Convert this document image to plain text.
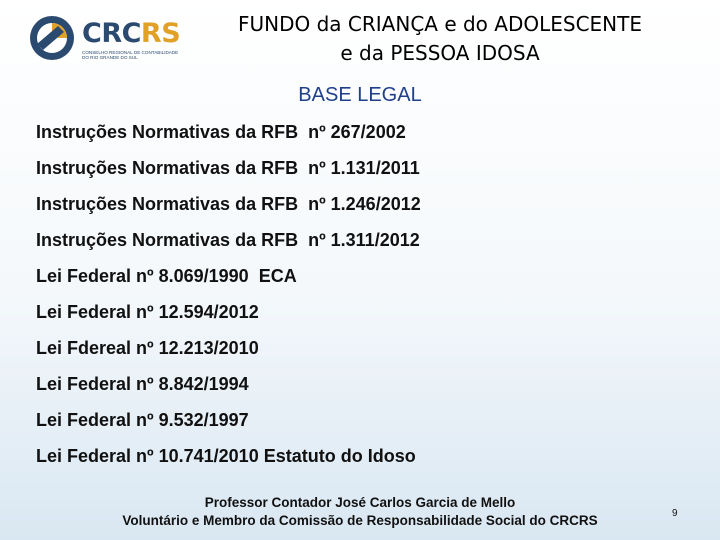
CRCRS
CONSELHO REGIONAL DE CONTABILIDADE DO RIO GRANDE DO SUL
FUNDO da CRIANÇA e do ADOLESCENTE
e da PESSOA IDOSA
BASE LEGAL
Instruções Normativas da RFB  nº 267/2002
Instruções Normativas da RFB  nº 1.131/2011
Instruções Normativas da RFB  nº 1.246/2012
Instruções Normativas da RFB  nº 1.311/2012
Lei Federal nº 8.069/1990  ECA
Lei Federal nº 12.594/2012
Lei Fdereal nº 12.213/2010
Lei Federal nº 8.842/1994
Lei Federal nº 9.532/1997
Lei Federal nº 10.741/2010 Estatuto do Idoso
Professor Contador José Carlos Garcia de Mello
Voluntário e Membro da Comissão de Responsabilidade Social do CRCRS	9
